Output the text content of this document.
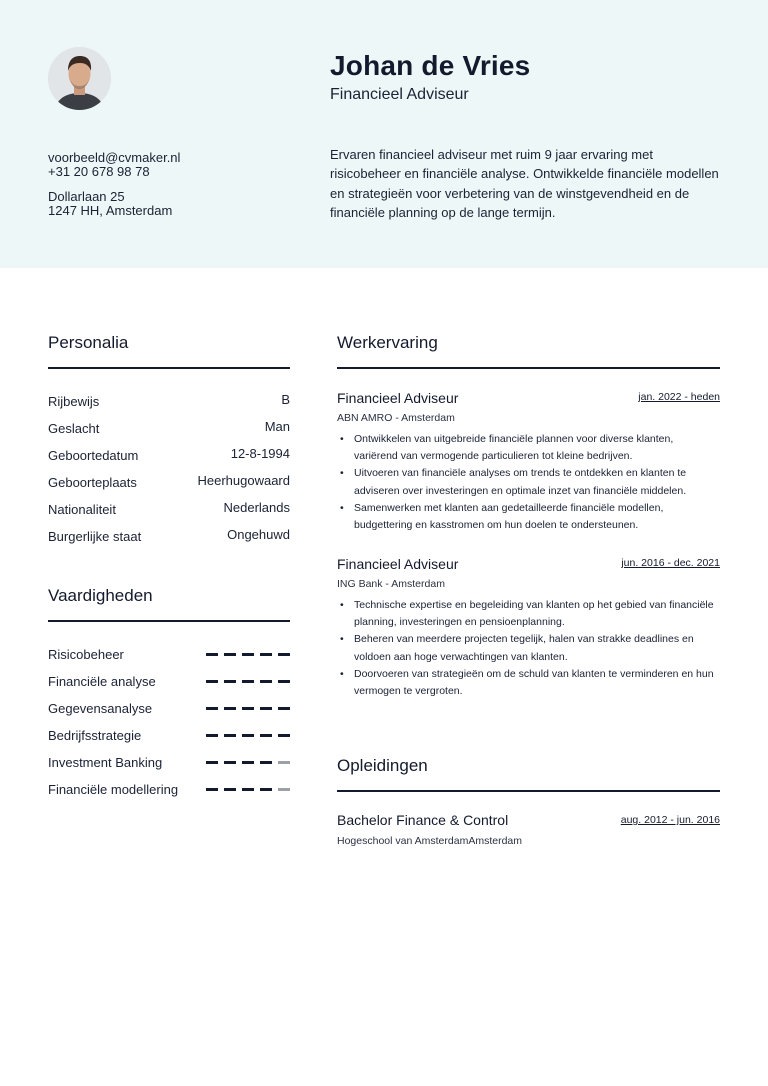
Johan de Vries
Financieel Adviseur
voorbeeld@cvmaker.nl
+31 20 678 98 78
Dollarlaan 25
1247 HH, Amsterdam
Ervaren financieel adviseur met ruim 9 jaar ervaring met risicobeheer en financiële analyse. Ontwikkelde financiële modellen en strategieën voor verbetering van de winstgevendheid en de financiële planning op de lange termijn.
Personalia
Rijbewijs	B
Geslacht	Man
Geboortedatum	12-8-1994
Geboorteplaats	Heerhugowaard
Nationaliteit	Nederlands
Burgerlijke staat	Ongehuwd
Vaardigheden
Risicobeheer
Financiële analyse
Gegevensanalyse
Bedrijfsstrategie
Investment Banking
Financiële modellering
Werkervaring
Financieel Adviseur	jan. 2022 - heden
ABN AMRO - Amsterdam
• Ontwikkelen van uitgebreide financiële plannen voor diverse klanten, variërend van vermogende particulieren tot kleine bedrijven.
• Uitvoeren van financiële analyses om trends te ontdekken en klanten te adviseren over investeringen en optimale inzet van financiële middelen.
• Samenwerken met klanten aan gedetailleerde financiële modellen, budgettering en kasstromen om hun doelen te ondersteunen.
Financieel Adviseur	jun. 2016 - dec. 2021
ING Bank - Amsterdam
• Technische expertise en begeleiding van klanten op het gebied van financiële planning, investeringen en pensioenplanning.
• Beheren van meerdere projecten tegelijk, halen van strakke deadlines en voldoen aan hoge verwachtingen van klanten.
• Doorvoeren van strategieën om de schuld van klanten te verminderen en hun vermogen te vergroten.
Opleidingen
Bachelor Finance & Control	aug. 2012 - jun. 2016
Hogeschool van AmsterdamAmsterdam
